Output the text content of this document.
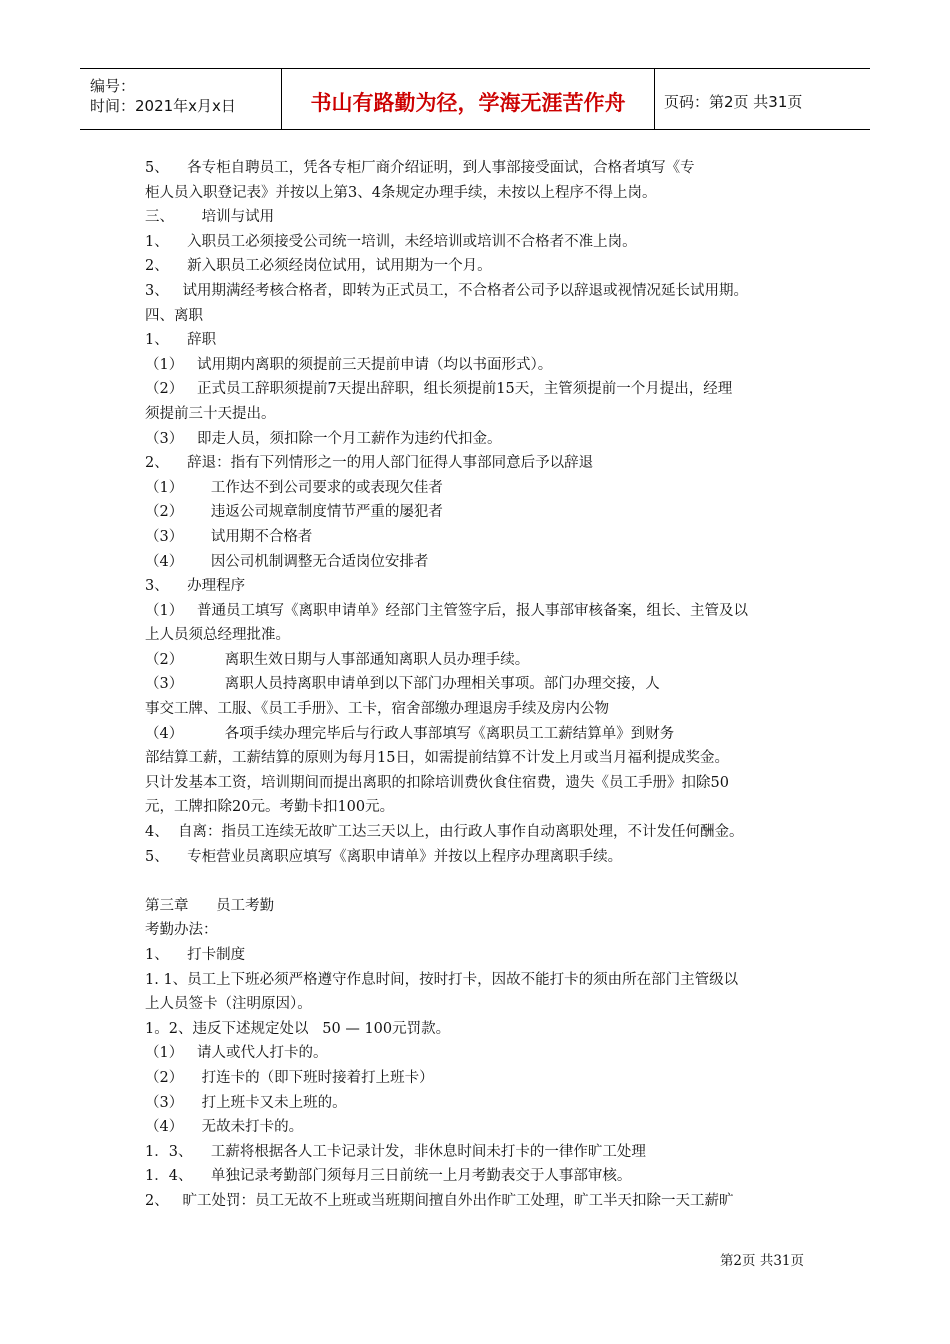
编号：
时间：2021年x月x日	书山有路勤为径，学海无涯苦作舟	页码：第2页 共31页
5、    各专柜自聘员工，凭各专柜厂商介绍证明，到人事部接受面试，合格者填写《专
柜人员入职登记表》并按以上第3、4条规定办理手续，未按以上程序不得上岗。
三、      培训与试用
1、    入职员工必须接受公司统一培训，未经培训或培训不合格者不准上岗。
2、    新入职员工必须经岗位试用，试用期为一个月。
3、   试用期满经考核合格者，即转为正式员工，不合格者公司予以辞退或视情况延长试用期。
四、离职
1、    辞职
（1）   试用期内离职的须提前三天提前申请（均以书面形式）。
（2）   正式员工辞职须提前7天提出辞职，组长须提前15天，主管须提前一个月提出，经理
须提前三十天提出。
（3）   即走人员，须扣除一个月工薪作为违约代扣金。
2、    辞退：指有下列情形之一的用人部门征得人事部同意后予以辞退
（1）      工作达不到公司要求的或表现欠佳者
（2）      违返公司规章制度情节严重的屡犯者
（3）      试用期不合格者
（4）      因公司机制调整无合适岗位安排者
3、    办理程序
（1）   普通员工填写《离职申请单》经部门主管签字后，报人事部审核备案，组长、主管及以
上人员须总经理批准。
（2）         离职生效日期与人事部通知离职人员办理手续。
（3）         离职人员持离职申请单到以下部门办理相关事项。部门办理交接，人
事交工牌、工服、《员工手册》、工卡，宿舍部缴办理退房手续及房内公物
（4）         各项手续办理完毕后与行政人事部填写《离职员工工薪结算单》到财务
部结算工薪，工薪结算的原则为每月15日，如需提前结算不计发上月或当月福利提成奖金。
只计发基本工资，培训期间而提出离职的扣除培训费伙食住宿费，遗失《员工手册》扣除50
元，工牌扣除20元。考勤卡扣100元。
4、  自离：指员工连续无故旷工达三天以上，由行政人事作自动离职处理，不计发任何酬金。
5、    专柜营业员离职应填写《离职申请单》并按以上程序办理离职手续。
第三章      员工考勤
考勤办法：
1、    打卡制度
1. 1、员工上下班必须严格遵守作息时间，按时打卡，因故不能打卡的须由所在部门主管级以
上人员签卡（注明原因）。
1。2、违反下述规定处以   50 — 100元罚款。
（1）   请人或代人打卡的。
（2）    打连卡的（即下班时接着打上班卡）
（3）    打上班卡又未上班的。
（4）    无故未打卡的。
1．3、    工薪将根据各人工卡记录计发，非休息时间未打卡的一律作旷工处理
1．4、    单独记录考勤部门须每月三日前统一上月考勤表交于人事部审核。
2、   旷工处罚：员工无故不上班或当班期间擅自外出作旷工处理，旷工半天扣除一天工薪旷
第2页 共31页
